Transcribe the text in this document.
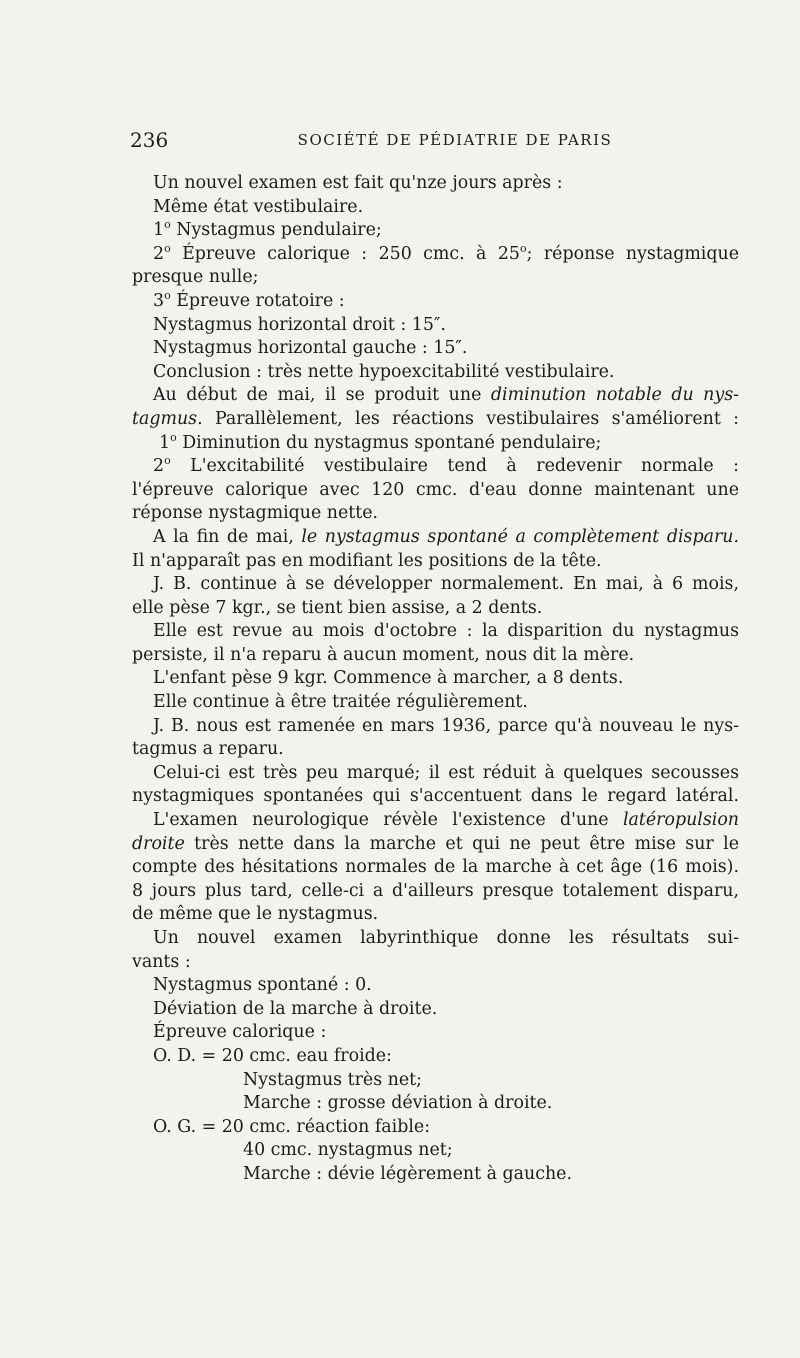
236	SOCIÉTÉ DE PÉDIATRIE DE PARIS
Un nouvel examen est fait qu'nze jours après :
Même état vestibulaire.
1$^o$ Nystagmus pendulaire;
2$^o$ Épreuve calorique : 250 cmc. à 25$^o$; réponse nystagmique
presque nulle;
3$^o$ Épreuve rotatoire :
Nystagmus horizontal droit : 15″.
Nystagmus horizontal gauche : 15″.
Conclusion : très nette hypoexcitabilité vestibulaire.
Au début de mai, il se produit une diminution notable du nys-
tagmus. Parallèlement, les réactions vestibulaires s'améliorent :
1$^o$ Diminution du nystagmus spontané pendulaire;
2$^o$ L'excitabilité vestibulaire tend à redevenir normale :
l'épreuve calorique avec 120 cmc. d'eau donne maintenant une
réponse nystagmique nette.
A la fin de mai, le nystagmus spontané a complètement disparu.
Il n'apparaît pas en modifiant les positions de la tête.
J. B. continue à se développer normalement. En mai, à 6 mois,
elle pèse 7 kgr., se tient bien assise, a 2 dents.
Elle est revue au mois d'octobre : la disparition du nystagmus
persiste, il n'a reparu à aucun moment, nous dit la mère.
L'enfant pèse 9 kgr. Commence à marcher, a 8 dents.
Elle continue à être traitée régulièrement.
J. B. nous est ramenée en mars 1936, parce qu'à nouveau le nys-
tagmus a reparu.
Celui-ci est très peu marqué; il est réduit à quelques secousses
nystagmiques spontanées qui s'accentuent dans le regard latéral.
L'examen neurologique révèle l'existence d'une latéropulsion
droite très nette dans la marche et qui ne peut être mise sur le
compte des hésitations normales de la marche à cet âge (16 mois).
8 jours plus tard, celle-ci a d'ailleurs presque totalement disparu,
de même que le nystagmus.
Un nouvel examen labyrinthique donne les résultats sui-
vants :
Nystagmus spontané : 0.
Déviation de la marche à droite.
Épreuve calorique :
O. D. = 20 cmc. eau froide:
Nystagmus très net;
Marche : grosse déviation à droite.
O. G. = 20 cmc. réaction faible:
40 cmc. nystagmus net;
Marche : dévie légèrement à gauche.
